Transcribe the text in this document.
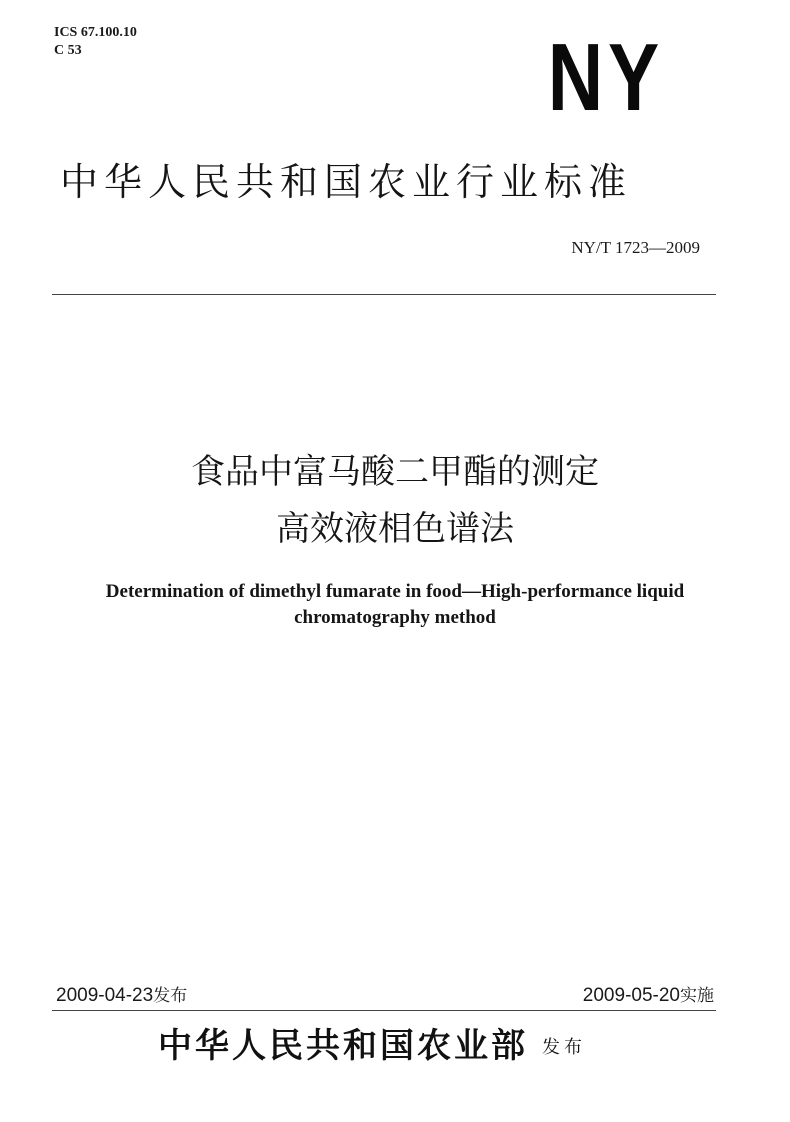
ICS 67.100.10
C 53	NY
中华人民共和国农业行业标准
NY/T 1723—2009
食品中富马酸二甲酯的测定
高效液相色谱法
Determination of dimethyl fumarate in food—High-performance liquid
chromatography method
2009-04-23发布	2009-05-20实施
中华人民共和国农业部 发布
